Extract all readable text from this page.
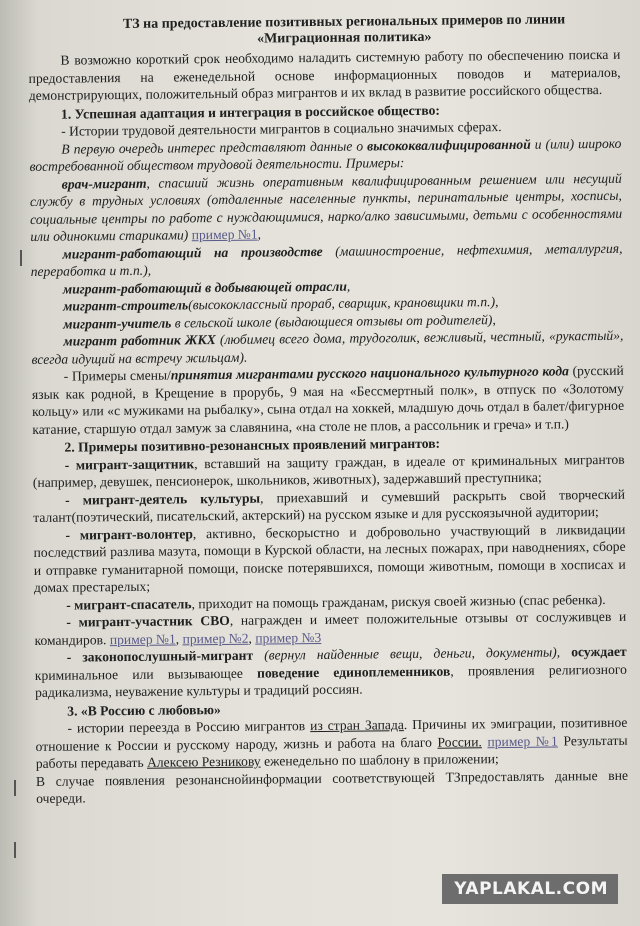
ТЗ на предоставление позитивных региональных примеров по линии
«Миграционная политика»

В возможно короткий срок необходимо наладить системную работу по обеспечению поиска и предоставления на еженедельной основе информационных поводов и материалов, демонстрирующих, положительный образ мигрантов и их вклад в развитие российского общества.

1. Успешная адаптация и интеграция в российское общество:

- Истории трудовой деятельности мигрантов в социально значимых сферах.

В первую очередь интерес представляют данные о высококвалифицированной и (или) широко востребованной обществом трудовой деятельности. Примеры:

врач-мигрант, спасший жизнь оперативным квалифицированным решением или несущий службу в трудных условиях (отдаленные населенные пункты, перинатальные центры, хосписы, социальные центры по работе с нуждающимися, нарко/алко зависимыми, детьми с особенностями или одинокими стариками) пример №1,

мигрант-работающий на производстве (машиностроение, нефтехимия, металлургия, переработка и т.п.),

мигрант-работающий в добывающей отрасли,

мигрант-строитель(высококлассный прораб, сварщик, крановщики т.п.),

мигрант-учитель в сельской школе (выдающиеся отзывы от родителей),

мигрант работник ЖКХ (любимец всего дома, трудоголик, вежливый, честный, «рукастый», всегда идущий на встречу жильцам).

- Примеры смены/принятия мигрантами русского национального культурного кода (русский язык как родной, в Крещение в прорубь, 9 мая на «Бессмертный полк», в отпуск по «Золотому кольцу» или «с мужиками на рыбалку», сына отдал на хоккей, младшую дочь отдал в балет/фигурное катание, старшую отдал замуж за славянина, «на столе не плов, а рассольник и греча» и т.п.)

2. Примеры позитивно-резонансных проявлений мигрантов:

- мигрант-защитник, вставший на защиту граждан, в идеале от криминальных мигрантов (например, девушек, пенсионерок, школьников, животных), задержавший преступника;

- мигрант-деятель культуры, приехавший и сумевший раскрыть свой творческий талант(поэтический, писательский, актерский) на русском языке и для русскоязычной аудитории;

- мигрант-волонтер, активно, бескорыстно и добровольно участвующий в ликвидации последствий разлива мазута, помощи в Курской области, на лесных пожарах, при наводнениях, сборе и отправке гуманитарной помощи, поиске потерявшихся, помощи животным, помощи в хосписах и домах престарелых;

- мигрант-спасатель, приходит на помощь гражданам, рискуя своей жизнью (спас ребенка).

- мигрант-участник СВО, награжден и имеет положительные отзывы от сослуживцев и командиров. пример №1, пример №2, пример №3

- законопослушный-мигрант (вернул найденные вещи, деньги, документы), осуждает криминальное или вызывающее поведение единоплеменников, проявления религиозного радикализма, неуважение культуры и традиций россиян.

3. «В Россию с любовью»

- истории переезда в Россию мигрантов из стран Запада. Причины их эмиграции, позитивное отношение к России и русскому народу, жизнь и работа на благо России. пример №1 Результаты работы передавать Алексею Резникову еженедельно по шаблону в приложении;

В случае появления резонанснойинформации соответствующей ТЗпредоставлять данные вне очереди.

YAPLAKAL.COM
